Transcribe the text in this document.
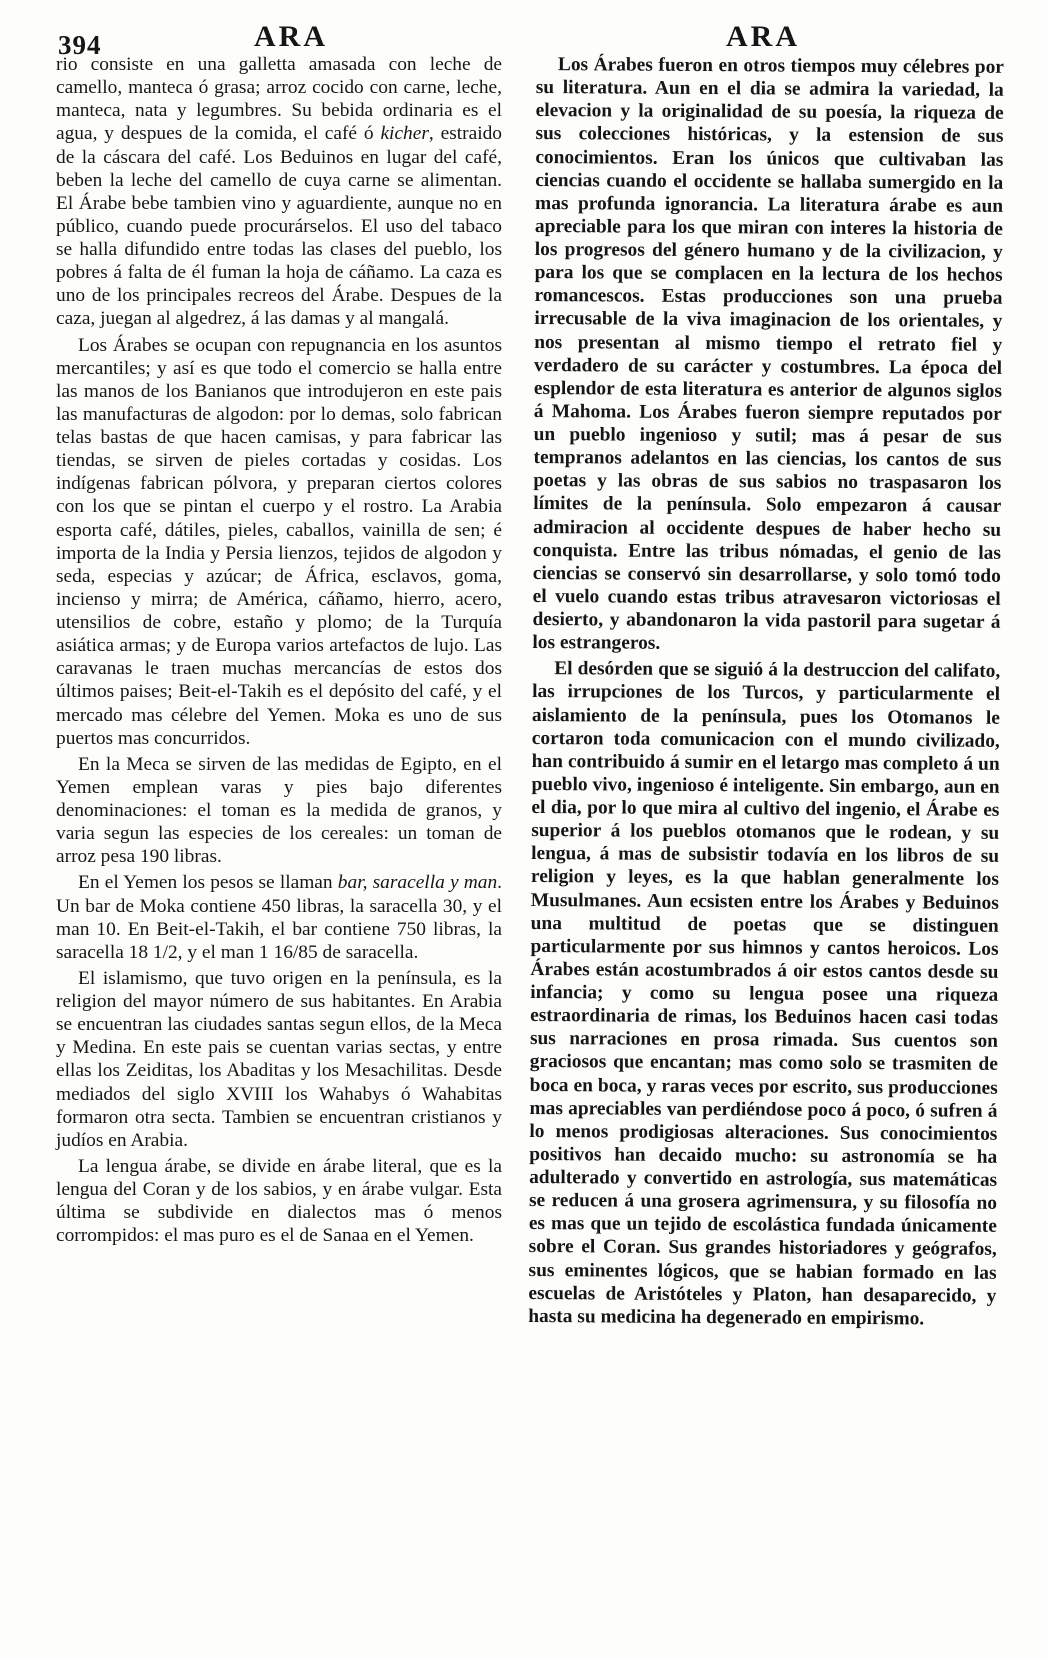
394	ARA	ARA

rio consiste en una galletta amasada con leche de camello, manteca ó grasa; arroz cocido con carne, leche, manteca, nata y legumbres. Su bebida ordinaria es el agua, y despues de la comida, el café ó kicher, estraido de la cáscara del café. Los Beduinos en lugar del café, beben la leche del camello de cuya carne se alimentan. El Árabe bebe tambien vino y aguardiente, aunque no en público, cuando puede procurárselos. El uso del tabaco se halla difundido entre todas las clases del pueblo, los pobres á falta de él fuman la hoja de cáñamo. La caza es uno de los principales recreos del Árabe. Despues de la caza, juegan al algedrez, á las damas y al mangalá.

Los Árabes se ocupan con repugnancia en los asuntos mercantiles; y así es que todo el comercio se halla entre las manos de los Banianos que introdujeron en este pais las manufacturas de algodon: por lo demas, solo fabrican telas bastas de que hacen camisas, y para fabricar las tiendas, se sirven de pieles cortadas y cosidas. Los indígenas fabrican pólvora, y preparan ciertos colores con los que se pintan el cuerpo y el rostro. La Arabia esporta café, dátiles, pieles, caballos, vainilla de sen; é importa de la India y Persia lienzos, tejidos de algodon y seda, especias y azúcar; de África, esclavos, goma, incienso y mirra; de América, cáñamo, hierro, acero, utensilios de cobre, estaño y plomo; de la Turquía asiática armas; y de Europa varios artefactos de lujo. Las caravanas le traen muchas mercancías de estos dos últimos paises; Beit-el-Takih es el depósito del café, y el mercado mas célebre del Yemen. Moka es uno de sus puertos mas concurridos.

En la Meca se sirven de las medidas de Egipto, en el Yemen emplean varas y pies bajo diferentes denominaciones: el toman es la medida de granos, y varia segun las especies de los cereales: un toman de arroz pesa 190 libras.

En el Yemen los pesos se llaman bar, saracella y man. Un bar de Moka contiene 450 libras, la saracella 30, y el man 10. En Beit-el-Takih, el bar contiene 750 libras, la saracella 18 1/2, y el man 1 16/85 de saracella.

El islamismo, que tuvo origen en la península, es la religion del mayor número de sus habitantes. En Arabia se encuentran las ciudades santas segun ellos, de la Meca y Medina. En este pais se cuentan varias sectas, y entre ellas los Zeiditas, los Abaditas y los Mesachilitas. Desde mediados del siglo XVIII los Wahabys ó Wahabitas formaron otra secta. Tambien se encuentran cristianos y judíos en Arabia.

La lengua árabe, se divide en árabe literal, que es la lengua del Coran y de los sabios, y en árabe vulgar. Esta última se subdivide en dialectos mas ó menos corrompidos: el mas puro es el de Sanaa en el Yemen.

Los Árabes fueron en otros tiempos muy célebres por su literatura. Aun en el dia se admira la variedad, la elevacion y la originalidad de su poesía, la riqueza de sus colecciones históricas, y la estension de sus conocimientos. Eran los únicos que cultivaban las ciencias cuando el occidente se hallaba sumergido en la mas profunda ignorancia. La literatura árabe es aun apreciable para los que miran con interes la historia de los progresos del género humano y de la civilizacion, y para los que se complacen en la lectura de los hechos romancescos. Estas producciones son una prueba irrecusable de la viva imaginacion de los orientales, y nos presentan al mismo tiempo el retrato fiel y verdadero de su carácter y costumbres. La época del esplendor de esta literatura es anterior de algunos siglos á Mahoma. Los Árabes fueron siempre reputados por un pueblo ingenioso y sutil; mas á pesar de sus tempranos adelantos en las ciencias, los cantos de sus poetas y las obras de sus sabios no traspasaron los límites de la península. Solo empezaron á causar admiracion al occidente despues de haber hecho su conquista. Entre las tribus nómadas, el genio de las ciencias se conservó sin desarrollarse, y solo tomó todo el vuelo cuando estas tribus atravesaron victoriosas el desierto, y abandonaron la vida pastoril para sugetar á los estrangeros.

El desórden que se siguió á la destruccion del califato, las irrupciones de los Turcos, y particularmente el aislamiento de la península, pues los Otomanos le cortaron toda comunicacion con el mundo civilizado, han contribuido á sumir en el letargo mas completo á un pueblo vivo, ingenioso é inteligente. Sin embargo, aun en el dia, por lo que mira al cultivo del ingenio, el Árabe es superior á los pueblos otomanos que le rodean, y su lengua, á mas de subsistir todavía en los libros de su religion y leyes, es la que hablan generalmente los Musulmanes. Aun ecsisten entre los Árabes y Beduinos una multitud de poetas que se distinguen particularmente por sus himnos y cantos heroicos. Los Árabes están acostumbrados á oir estos cantos desde su infancia; y como su lengua posee una riqueza estraordinaria de rimas, los Beduinos hacen casi todas sus narraciones en prosa rimada. Sus cuentos son graciosos que encantan; mas como solo se trasmiten de boca en boca, y raras veces por escrito, sus producciones mas apreciables van perdiéndose poco á poco, ó sufren á lo menos prodigiosas alteraciones. Sus conocimientos positivos han decaido mucho: su astronomía se ha adulterado y convertido en astrología, sus matemáticas se reducen á una grosera agrimensura, y su filosofía no es mas que un tejido de escolástica fundada únicamente sobre el Coran. Sus grandes historiadores y geógrafos, sus eminentes lógicos, que se habian formado en las escuelas de Aristóteles y Platon, han desaparecido, y hasta su medicina ha degenerado en empirismo.
